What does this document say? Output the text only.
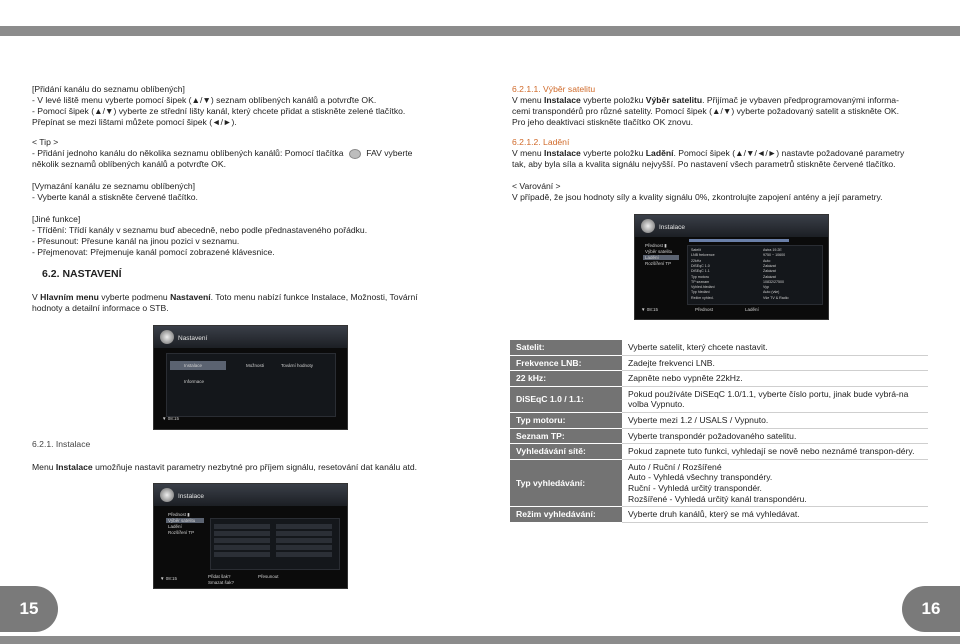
[Přidání kanálu do seznamu oblíbených]
- V levé liště menu vyberte pomocí šipek (▲/▼) seznam oblíbených kanálů a potvrďte OK.
- Pomocí šipek (▲/▼) vyberte ze střední lišty kanál, který chcete přidat a stiskněte zelené tlačítko.
Přepínat se mezi lištami můžete pomocí šipek (◄/►).
< Tip >
- Přidání jednoho kanálu do několika seznamu oblíbených kanálů: Pomocí tlačítka	FAV vyberte
několik seznamů oblíbených kanálů a potvrďte OK.
[Vymazání kanálu ze seznamu oblíbených]
- Vyberte kanál a stiskněte červené tlačítko.
[Jiné funkce]
- Třídění: Třídí kanály v seznamu buď abecedně, nebo podle přednastaveného pořádku.
- Přesunout: Přesune kanál na jinou pozici v seznamu.
- Přejmenovat: Přejmenuje kanál pomocí zobrazené klávesnice.
6.2. NASTAVENÍ
V Hlavním menu vyberte podmenu Nastavení. Toto menu nabízí funkce Instalace, Možnosti, Tovární
hodnoty a detailní informace o STB.
Nastavení
Instalace	Možnosti	Tovární hodnoty
Informace
▼ 08:15
6.2.1. Instalace
Menu Instalace umožňuje nastavit parametry nezbytné pro příjem signálu, resetování dat kanálu atd.
Instalace
Přednost ▮
Výběr satelitu
Ladění
Rozšíření TP
▼ 08:15	Přidat šak?	Přesunout
Smazat šak?
6.2.1.1. Výběr satelitu
V menu Instalace vyberte položku Výběr satelitu. Přijímač je vybaven předprogramovanými informa-
cemi transpondérů pro různé satelity. Pomocí šipek (▲/▼) vyberte požadovaný satelit a stiskněte OK.
Pro jeho deaktivaci stiskněte tlačítko OK znovu.
6.2.1.2. Ladění
V menu Instalace vyberte položku Ladění. Pomocí šipek (▲/▼/◄/►) nastavte požadované parametry
tak, aby byla síla a kvalita signálu nejvyšší. Po nastavení všech parametrů stiskněte červené tlačítko.
< Varování >
V případě, že jsou hodnoty síly a kvality signálu 0%, zkontrolujte zapojení antény a její parametry.
Instalace
Přednost ▮
Výběr satelitu
Ladění
Rozšíření TP
▼ 08:15	Přednost	Ladění
Satelit	Astra 19.2E
LNB frekvence	9750 ~ 10600
22kHz	Auto
DiSEqC 1.0	Zakázat
DiSEqC 1.1	Zakázat
Typ motoru	Zakázat
TP seznam	10832/27500
Vyhled.hledání	Vyp
Typ hledání	Auto (vše)
Režim vyhled.	Vše TV & Radio
Satelit:	Vyberte satelit, který chcete nastavit.
Frekvence LNB:	Zadejte frekvenci LNB.
22 kHz:	Zapněte nebo vypněte 22kHz.
DiSEqC 1.0 / 1.1:	Pokud používáte DiSEqC 1.0/1.1, vyberte číslo portu, jinak bude vybrá-na volba Vypnuto.
Typ motoru:	Vyberte mezi 1.2 / USALS / Vypnuto.
Seznam TP:	Vyberte transpondér požadovaného satelitu.
Vyhledávání sítě:	Pokud zapnete tuto funkci, vyhledají se nově nebo neznámé transpon-déry.
Typ vyhledávání:	Auto / Ruční / Rozšířené
Auto - Vyhledá všechny transpondéry.
Ruční - Vyhledá určitý transpondér.
Rozšířené - Vyhledá určitý kanál transpondéru.
Režim vyhledávání:	Vyberte druh kanálů, který se má vyhledávat.
15	16
